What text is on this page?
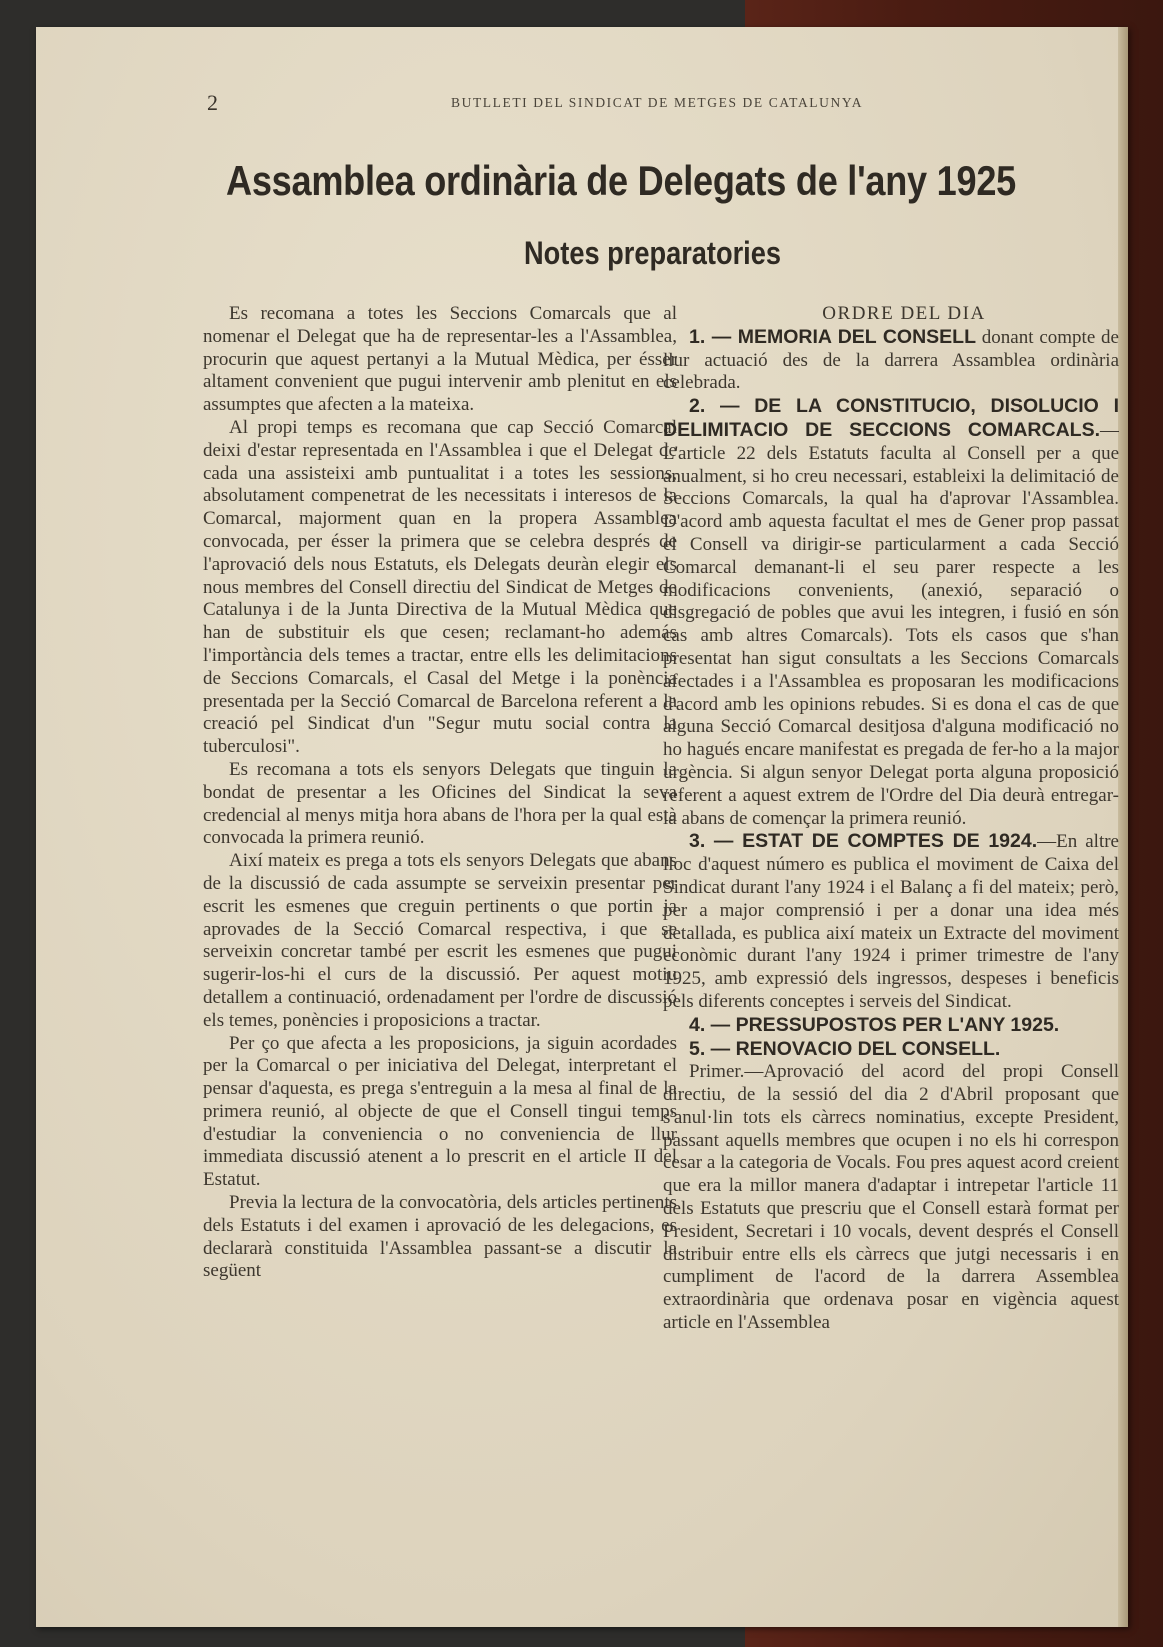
2	BUTLLETI DEL SINDICAT DE METGES DE CATALUNYA
Assamblea ordinària de Delegats de l'any 1925
Notes preparatories

Es recomana a totes les Seccions Comarcals que al nomenar el Delegat que ha de representar-les a l'Assamblea, procurin que aquest pertanyi a la Mutual Mèdica, per ésser altament convenient que pugui intervenir amb plenitut en els assumptes que afecten a la mateixa.

Al propi temps es recomana que cap Secció Comarcal deixi d'estar representada en l'Assamblea i que el Delegat de cada una assisteixi amb puntualitat i a totes les sessions, absolutament compenetrat de les necessitats i interesos de la Comarcal, majorment quan en la propera Assamblea convocada, per ésser la primera que se celebra després de l'aprovació dels nous Estatuts, els Delegats deuràn elegir els nous membres del Consell directiu del Sindicat de Metges de Catalunya i de la Junta Directiva de la Mutual Mèdica que han de substituir els que cesen; reclamant-ho además l'importància dels temes a tractar, entre ells les delimitacions de Seccions Comarcals, el Casal del Metge i la ponència presentada per la Secció Comarcal de Barcelona referent a la creació pel Sindicat d'un "Segur mutu social contra la tuberculosi".

Es recomana a tots els senyors Delegats que tinguin la bondat de presentar a les Oficines del Sindicat la seva credencial al menys mitja hora abans de l'hora per la qual està convocada la primera reunió.

Així mateix es prega a tots els senyors Delegats que abans de la discussió de cada assumpte se serveixin presentar per escrit les esmenes que creguin pertinents o que portin ja aprovades de la Secció Comarcal respectiva, i que se serveixin concretar també per escrit les esmenes que pugui sugerir-los-hi el curs de la discussió. Per aquest motiu detallem a continuació, ordenadament per l'ordre de discussió els temes, ponències i proposicions a tractar.

Per ço que afecta a les proposicions, ja siguin acordades per la Comarcal o per iniciativa del Delegat, interpretant el pensar d'aquesta, es prega s'entreguin a la mesa al final de la primera reunió, al objecte de que el Consell tingui temps d'estudiar la conveniencia o no conveniencia de llur immediata discussió atenent a lo prescrit en el article II del Estatut.

Previa la lectura de la convocatòria, dels articles pertinents dels Estatuts i del examen i aprovació de les delegacions, es declararà constituida l'Assamblea passant-se a discutir la següent

ORDRE DEL DIA

1. — MEMORIA DEL CONSELL donant compte de llur actuació des de la darrera Assamblea ordinària celebrada.

2. — DE LA CONSTITUCIO, DISOLUCIO I DELIMITACIO DE SECCIONS COMARCALS.—L'article 22 dels Estatuts faculta al Consell per a que anualment, si ho creu necessari, estableixi la delimitació de Seccions Comarcals, la qual ha d'aprovar l'Assamblea. D'acord amb aquesta facultat el mes de Gener prop passat el Consell va dirigir-se particularment a cada Secció Comarcal demanant-li el seu parer respecte a les modificacions convenients, (anexió, separació o disgregació de pobles que avui les integren, i fusió en són cas amb altres Comarcals). Tots els casos que s'han presentat han sigut consultats a les Seccions Comarcals afectades i a l'Assamblea es proposaran les modificacions d'acord amb les opinions rebudes. Si es dona el cas de que alguna Secció Comarcal desitjosa d'alguna modificació no ho hagués encare manifestat es pregada de fer-ho a la major urgència. Si algun senyor Delegat porta alguna proposició referent a aquest extrem de l'Ordre del Dia deurà entregar-la abans de començar la primera reunió.

3. — ESTAT DE COMPTES DE 1924.—En altre lloc d'aquest número es publica el moviment de Caixa del Sindicat durant l'any 1924 i el Balanç a fi del mateix; però, per a major comprensió i per a donar una idea més detallada, es publica així mateix un Extracte del moviment econòmic durant l'any 1924 i primer trimestre de l'any 1925, amb expressió dels ingressos, despeses i beneficis pels diferents conceptes i serveis del Sindicat.

4. — PRESSUPOSTOS PER L'ANY 1925.

5. — RENOVACIO DEL CONSELL.

Primer.—Aprovació del acord del propi Consell directiu, de la sessió del dia 2 d'Abril proposant que s'anul·lin tots els càrrecs nominatius, excepte President, passant aquells membres que ocupen i no els hi correspon cesar a la categoria de Vocals. Fou pres aquest acord creient que era la millor manera d'adaptar i intrepetar l'article 11 dels Estatuts que prescriu que el Consell estarà format per President, Secretari i 10 vocals, devent després el Consell distribuir entre ells els càrrecs que jutgi necessaris i en cumpliment de l'acord de la darrera Assemblea extraordinària que ordenava posar en vigència aquest article en l'Assemblea
